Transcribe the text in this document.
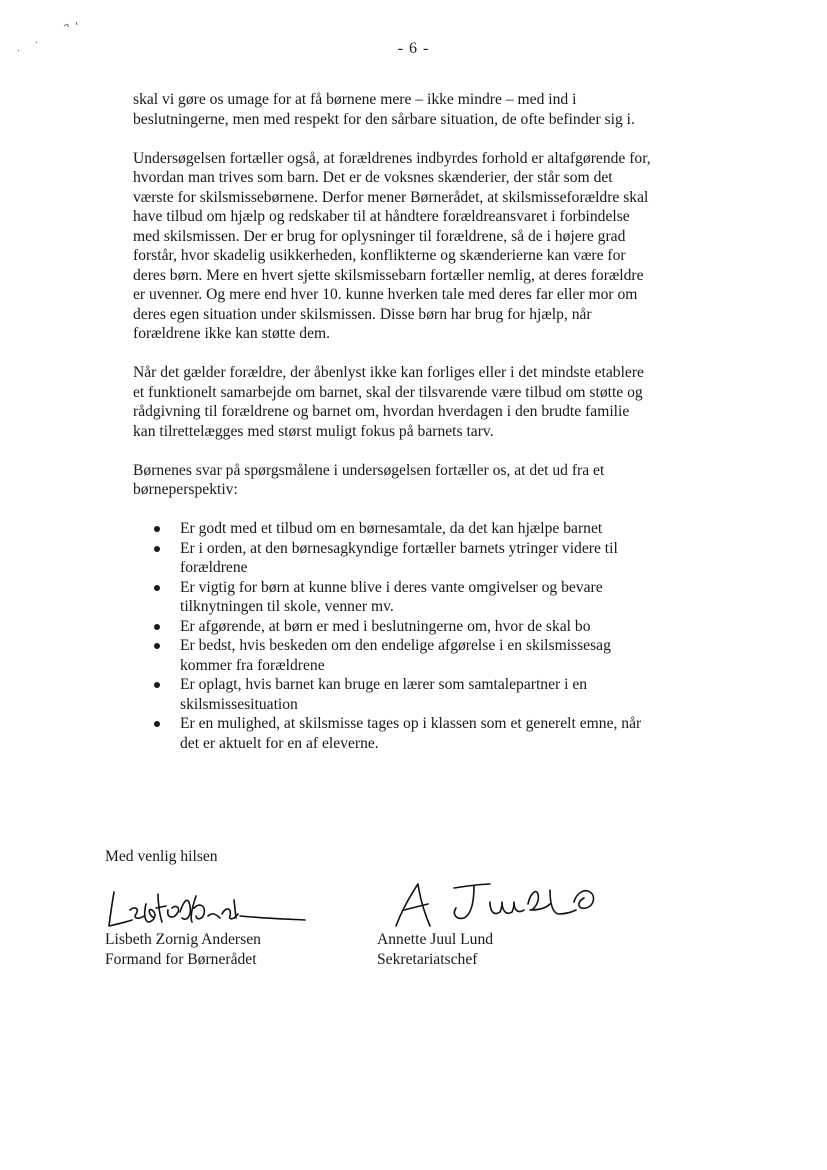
- 6 -

skal vi gøre os umage for at få børnene mere – ikke mindre – med ind i beslutningerne, men med respekt for den sårbare situation, de ofte befinder sig i.

Undersøgelsen fortæller også, at forældrenes indbyrdes forhold er altafgørende for, hvordan man trives som barn. Det er de voksnes skænderier, der står som det værste for skilsmissebørnene. Derfor mener Børnerådet, at skilsmisseforældre skal have tilbud om hjælp og redskaber til at håndtere forældreansvaret i forbindelse med skilsmissen. Der er brug for oplysninger til forældrene, så de i højere grad forstår, hvor skadelig usikkerheden, konflikterne og skænderierne kan være for deres børn. Mere en hvert sjette skilsmissebarn fortæller nemlig, at deres forældre er uvenner. Og mere end hver 10. kunne hverken tale med deres far eller mor om deres egen situation under skilsmissen. Disse børn har brug for hjælp, når forældrene ikke kan støtte dem.

Når det gælder forældre, der åbenlyst ikke kan forliges eller i det mindste etablere et funktionelt samarbejde om barnet, skal der tilsvarende være tilbud om støtte og rådgivning til forældrene og barnet om, hvordan hverdagen i den brudte familie kan tilrettelægges med størst muligt fokus på barnets tarv.

Børnenes svar på spørgsmålene i undersøgelsen fortæller os, at det ud fra et børneperspektiv:

Er godt med et tilbud om en børnesamtale, da det kan hjælpe barnet
Er i orden, at den børnesagkyndige fortæller barnets ytringer videre til forældrene
Er vigtig for børn at kunne blive i deres vante omgivelser og bevare tilknytningen til skole, venner mv.
Er afgørende, at børn er med i beslutningerne om, hvor de skal bo
Er bedst, hvis beskeden om den endelige afgørelse i en skilsmissesag kommer fra forældrene
Er oplagt, hvis barnet kan bruge en lærer som samtalepartner i en skilsmissesituation
Er en mulighed, at skilsmisse tages op i klassen som et generelt emne, når det er aktuelt for en af eleverne.
Med venlig hilsen
Lisbeth Zornig Andersen
Formand for Børnerådet
Annette Juul Lund
Sekretariatschef
